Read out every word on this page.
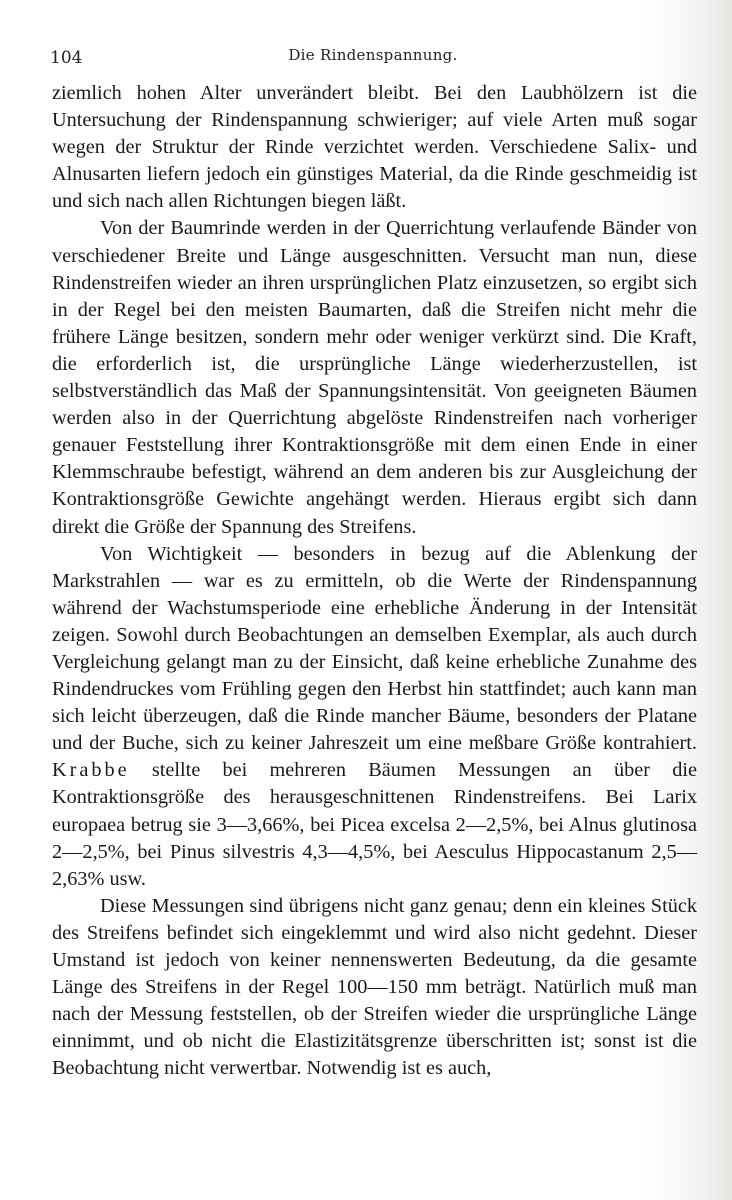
104	Die Rindenspannung.

ziemlich hohen Alter unverändert bleibt. Bei den Laubhölzern ist die Untersuchung der Rindenspannung schwieriger; auf viele Arten muß sogar wegen der Struktur der Rinde verzichtet werden. Verschiedene Salix- und Alnusarten liefern jedoch ein günstiges Material, da die Rinde geschmeidig ist und sich nach allen Richtungen biegen läßt.

Von der Baumrinde werden in der Querrichtung verlaufende Bänder von verschiedener Breite und Länge ausgeschnitten. Versucht man nun, diese Rindenstreifen wieder an ihren ursprünglichen Platz einzusetzen, so ergibt sich in der Regel bei den meisten Baumarten, daß die Streifen nicht mehr die frühere Länge besitzen, sondern mehr oder weniger verkürzt sind. Die Kraft, die erforderlich ist, die ursprüngliche Länge wiederherzustellen, ist selbstverständlich das Maß der Spannungsintensität. Von geeigneten Bäumen werden also in der Querrichtung abgelöste Rindenstreifen nach vorheriger genauer Feststellung ihrer Kontraktionsgröße mit dem einen Ende in einer Klemmschraube befestigt, während an dem anderen bis zur Ausgleichung der Kontraktionsgröße Gewichte angehängt werden. Hieraus ergibt sich dann direkt die Größe der Spannung des Streifens.

Von Wichtigkeit — besonders in bezug auf die Ablenkung der Markstrahlen — war es zu ermitteln, ob die Werte der Rindenspannung während der Wachstumsperiode eine erhebliche Änderung in der Intensität zeigen. Sowohl durch Beobachtungen an demselben Exemplar, als auch durch Vergleichung gelangt man zu der Einsicht, daß keine erhebliche Zunahme des Rindendruckes vom Frühling gegen den Herbst hin stattfindet; auch kann man sich leicht überzeugen, daß die Rinde mancher Bäume, besonders der Platane und der Buche, sich zu keiner Jahreszeit um eine meßbare Größe kontrahiert. Krabbe stellte bei mehreren Bäumen Messungen an über die Kontraktionsgröße des herausgeschnittenen Rindenstreifens. Bei Larix europaea betrug sie 3—3,66%, bei Picea excelsa 2—2,5%, bei Alnus glutinosa 2—2,5%, bei Pinus silvestris 4,3—4,5%, bei Aesculus Hippocastanum 2,5—2,63% usw.

Diese Messungen sind übrigens nicht ganz genau; denn ein kleines Stück des Streifens befindet sich eingeklemmt und wird also nicht gedehnt. Dieser Umstand ist jedoch von keiner nennenswerten Bedeutung, da die gesamte Länge des Streifens in der Regel 100—150 mm beträgt. Natürlich muß man nach der Messung feststellen, ob der Streifen wieder die ursprüngliche Länge einnimmt, und ob nicht die Elastizitätsgrenze überschritten ist; sonst ist die Beobachtung nicht verwertbar. Notwendig ist es auch,
